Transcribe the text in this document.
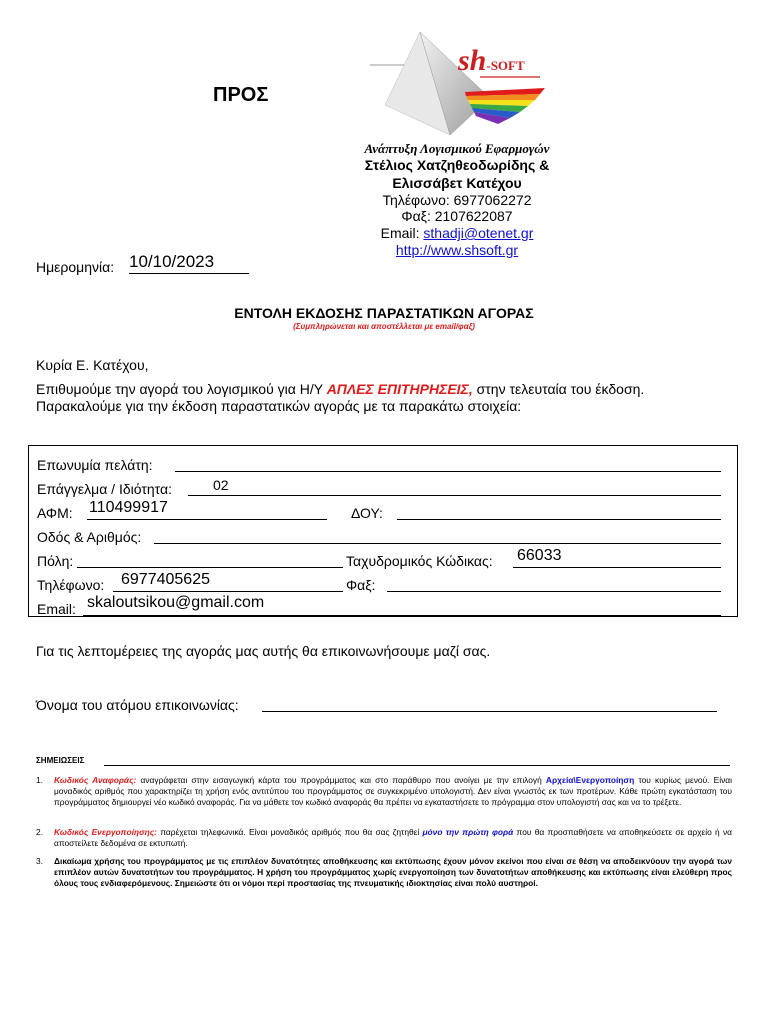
ΠΡΟΣ
sh-SOFT
Ανάπτυξη Λογισμικού Εφαρμογών
Στέλιος Χατζηθεοδωρίδης &
Ελισσάβετ Κατέχου
Τηλέφωνο: 6977062272
Φαξ: 2107622087
Email: sthadji@otenet.gr
http://www.shsoft.gr
Ημερομηνία: 10/10/2023
ΕΝΤΟΛΗ ΕΚΔΟΣΗΣ ΠΑΡΑΣΤΑΤΙΚΩΝ ΑΓΟΡΑΣ
(Συμπληρώνεται και αποστέλλεται με email/φαξ)
Κυρία Ε. Κατέχου,
Επιθυμούμε την αγορά του λογισμικού για Η/Υ ΑΠΛΕΣ ΕΠΙΤΗΡΗΣΕΙΣ, στην τελευταία του έκδοση.
Παρακαλούμε για την έκδοση παραστατικών αγοράς με τα παρακάτω στοιχεία:
Επωνυμία πελάτη:
Επάγγελμα / Ιδιότητα:	02
ΑΦΜ: 110499917	ΔΟΥ:
Οδός & Αριθμός:
Πόλη:	Ταχυδρομικός Κώδικας: 66033
Τηλέφωνο: 6977405625	Φαξ:
Email: skaloutsikou@gmail.com
Για τις λεπτομέρειες της αγοράς μας αυτής θα επικοινωνήσουμε μαζί σας.
Όνομα του ατόμου επικοινωνίας:
ΣΗΜΕΙΩΣΕΙΣ
1. Κωδικός Αναφοράς: αναγράφεται στην εισαγωγική κάρτα του προγράμματος και στο παράθυρο που ανοίγει με την επιλογή Αρχεία\Ενεργοποίηση του κυρίως μενού. Είναι μοναδικός αριθμός που χαρακτηρίζει τη χρήση ενός αντιτύπου του προγράμματος σε συγκεκριμένο υπολογιστή. Δεν είναι γνωστός εκ των προτέρων. Κάθε πρώτη εγκατάσταση του προγράμματος δημιουργεί νέο κωδικό αναφοράς. Για να μάθετε τον κωδικό αναφοράς θα πρέπει να εγκαταστήσετε το πρόγραμμα στον υπολογιστή σας και να το τρέξετε.
2. Κωδικός Ενεργοποίησης: παρέχεται τηλεφωνικά. Είναι μοναδικός αριθμός που θα σας ζητηθεί μόνο την πρώτη φορά που θα προσπαθήσετε να αποθηκεύσετε σε αρχείο ή να αποστείλετε δεδομένα σε εκτυπωτή.
3. Δικαίωμα χρήσης του προγράμματος με τις επιπλέον δυνατότητες αποθήκευσης και εκτύπωσης έχουν μόνον εκείνοι που είναι σε θέση να αποδεικνύουν την αγορά των επιπλέον αυτών δυνατοτήτων του προγράμματος. Η χρήση του προγράμματος χωρίς ενεργοποίηση των δυνατοτήτων αποθήκευσης και εκτύπωσης είναι ελεύθερη προς όλους τους ενδιαφερόμενους. Σημειώστε ότι οι νόμοι περί προστασίας της πνευματικής ιδιοκτησίας είναι πολύ αυστηροί.
